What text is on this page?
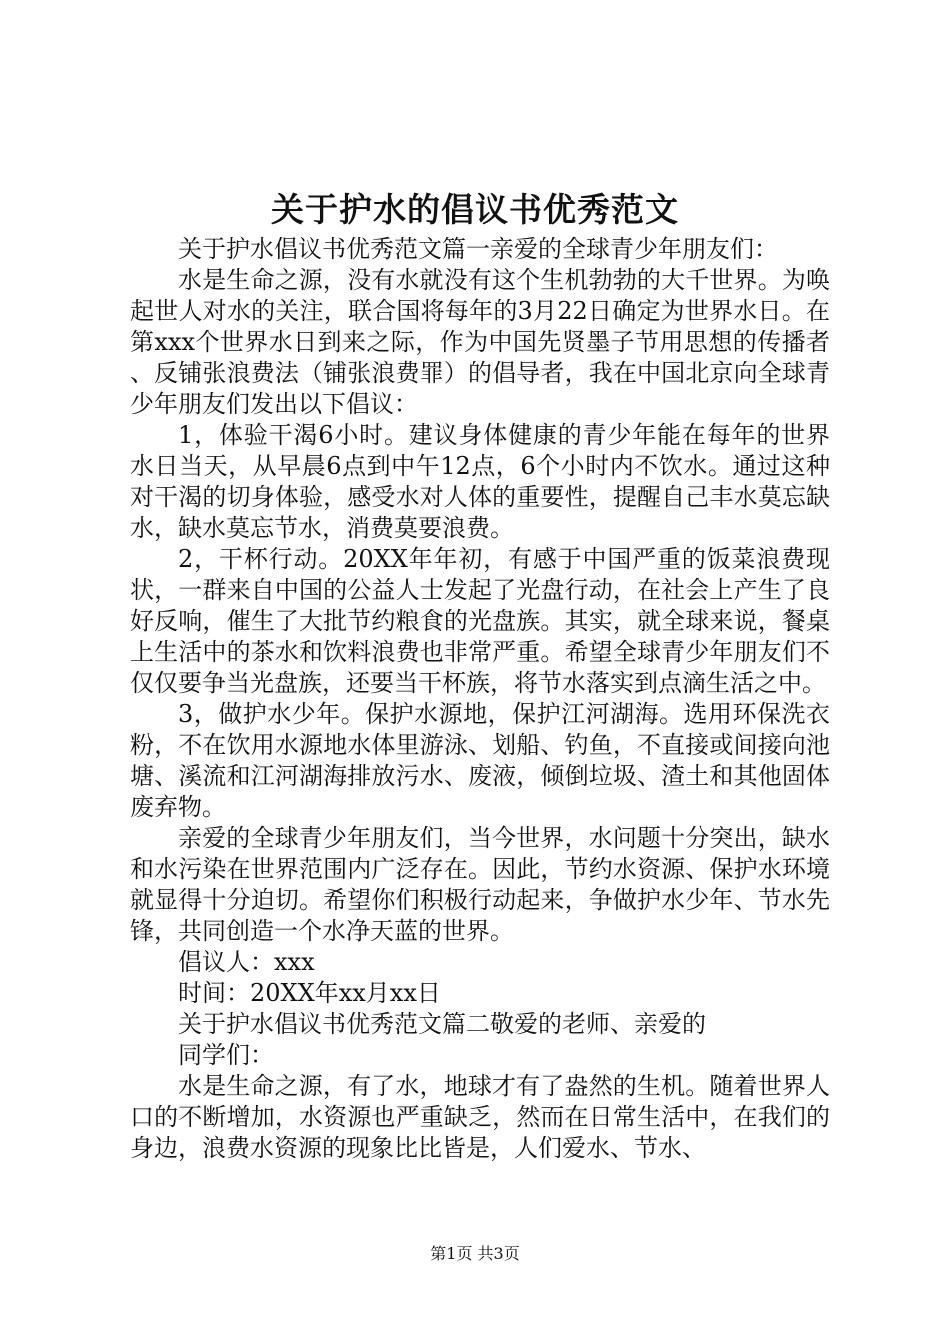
关于护水的倡议书优秀范文

关于护水倡议书优秀范文篇一亲爱的全球青少年朋友们：

水是生命之源，没有水就没有这个生机勃勃的大千世界。为唤起世人对水的关注，联合国将每年的3月22日确定为世界水日。在第xxx个世界水日到来之际，作为中国先贤墨子节用思想的传播者、反铺张浪费法（铺张浪费罪）的倡导者，我在中国北京向全球青少年朋友们发出以下倡议：

1，体验干渴6小时。建议身体健康的青少年能在每年的世界水日当天，从早晨6点到中午12点，6个小时内不饮水。通过这种对干渴的切身体验，感受水对人体的重要性，提醒自己丰水莫忘缺水，缺水莫忘节水，消费莫要浪费。

2，干杯行动。20XX年年初，有感于中国严重的饭菜浪费现状，一群来自中国的公益人士发起了光盘行动，在社会上产生了良好反响，催生了大批节约粮食的光盘族。其实，就全球来说，餐桌上生活中的茶水和饮料浪费也非常严重。希望全球青少年朋友们不仅仅要争当光盘族，还要当干杯族，将节水落实到点滴生活之中。

3，做护水少年。保护水源地，保护江河湖海。选用环保洗衣粉，不在饮用水源地水体里游泳、划船、钓鱼，不直接或间接向池塘、溪流和江河湖海排放污水、废液，倾倒垃圾、渣土和其他固体废弃物。

亲爱的全球青少年朋友们，当今世界，水问题十分突出，缺水和水污染在世界范围内广泛存在。因此，节约水资源、保护水环境就显得十分迫切。希望你们积极行动起来，争做护水少年、节水先锋，共同创造一个水净天蓝的世界。

倡议人：xxx

时间：20XX年xx月xx日

关于护水倡议书优秀范文篇二敬爱的老师、亲爱的

同学们：

水是生命之源，有了水，地球才有了盎然的生机。随着世界人口的不断增加，水资源也严重缺乏，然而在日常生活中，在我们的身边，浪费水资源的现象比比皆是，人们爱水、节水、

第1页 共3页
